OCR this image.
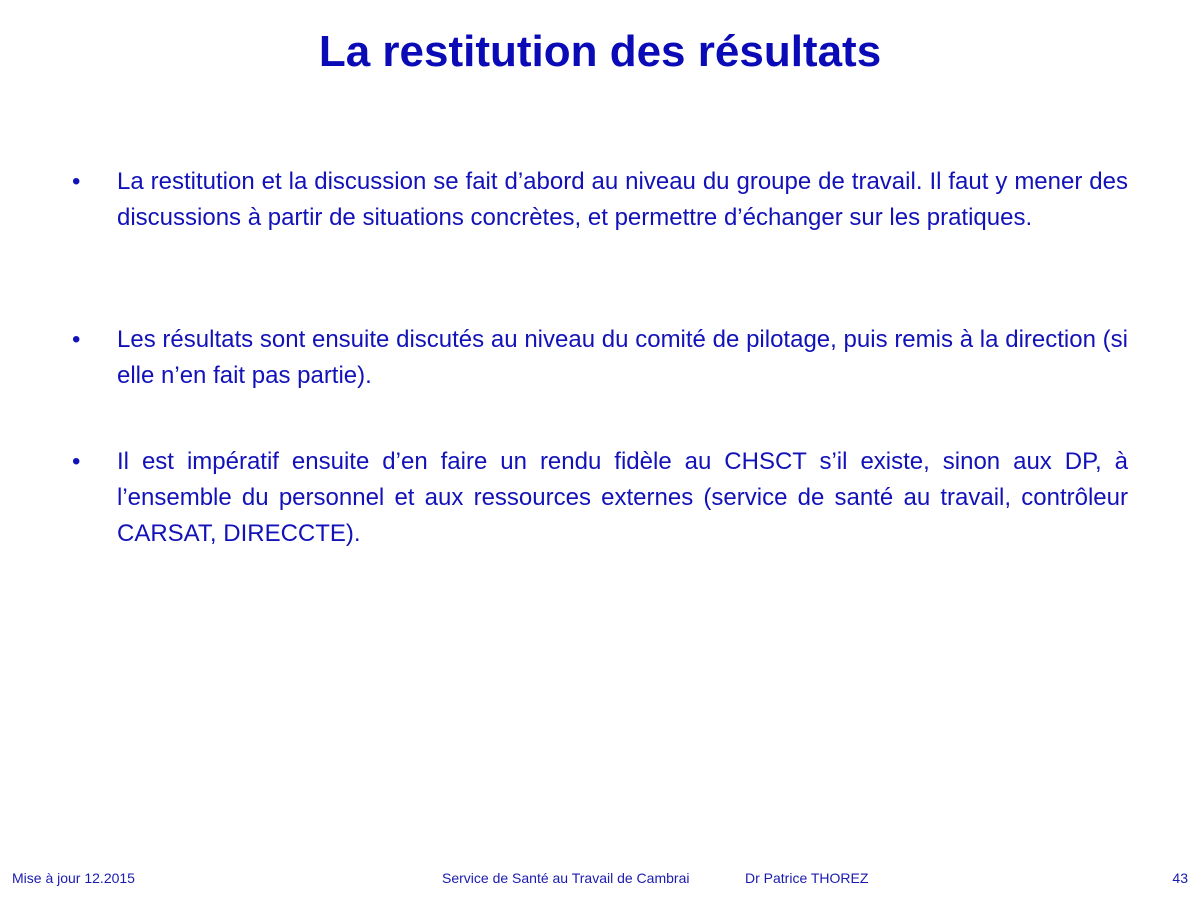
La restitution des résultats
•	La restitution et la discussion se fait d’abord au niveau du groupe de travail. Il faut y mener des discussions à partir de situations concrètes, et permettre d’échanger sur les pratiques.
•	Les résultats sont ensuite discutés au niveau du comité de pilotage, puis remis à la direction (si elle n’en fait pas partie).
•	Il est impératif ensuite d’en faire un rendu fidèle au CHSCT s’il existe, sinon aux DP, à l’ensemble du personnel et aux ressources externes (service de santé au travail, contrôleur CARSAT, DIRECCTE).
Mise à jour 12.2015	Service de Santé au Travail de Cambrai	Dr Patrice THOREZ	43
